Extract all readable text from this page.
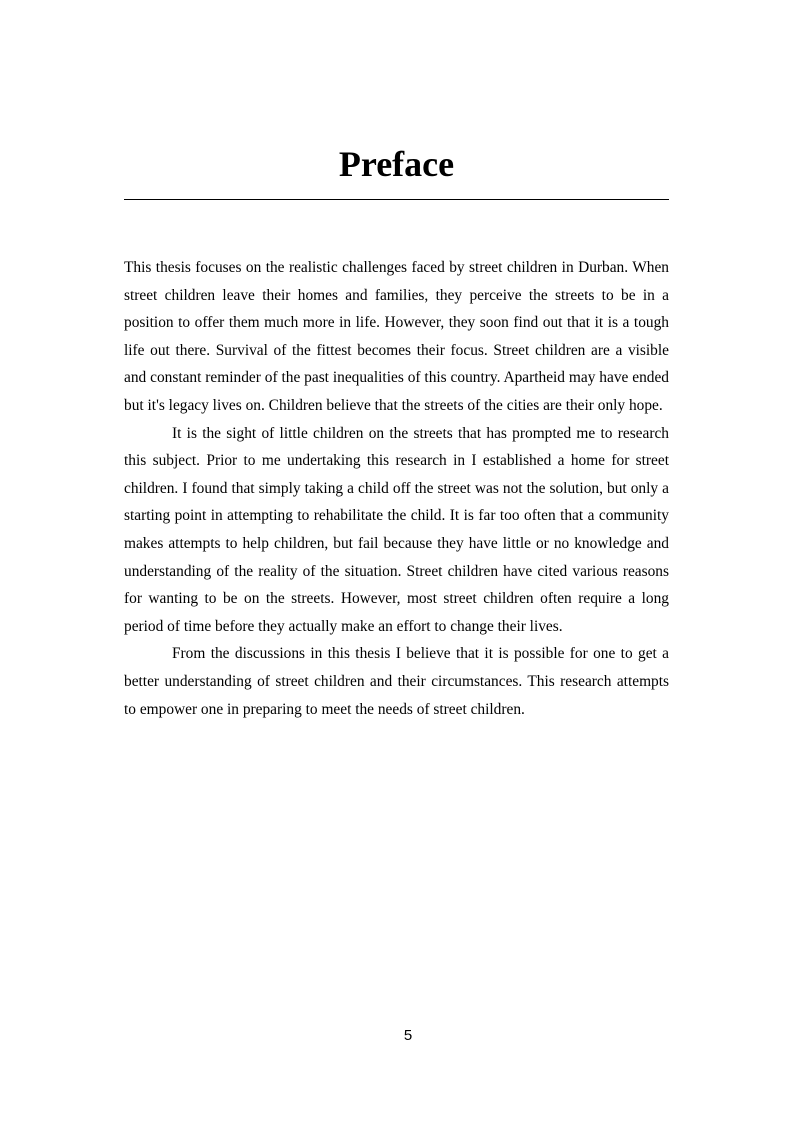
Preface

This thesis focuses on the realistic challenges faced by street children in Durban. When street children leave their homes and families, they perceive the streets to be in a position to offer them much more in life. However, they soon find out that it is a tough life out there. Survival of the fittest becomes their focus. Street children are a visible and constant reminder of the past inequalities of this country. Apartheid may have ended but it's legacy lives on. Children believe that the streets of the cities are their only hope.

It is the sight of little children on the streets that has prompted me to research this subject. Prior to me undertaking this research in I established a home for street children. I found that simply taking a child off the street was not the solution, but only a starting point in attempting to rehabilitate the child. It is far too often that a community makes attempts to help children, but fail because they have little or no knowledge and understanding of the reality of the situation. Street children have cited various reasons for wanting to be on the streets. However, most street children often require a long period of time before they actually make an effort to change their lives.

From the discussions in this thesis I believe that it is possible for one to get a better understanding of street children and their circumstances. This research attempts to empower one in preparing to meet the needs of street children.

5
